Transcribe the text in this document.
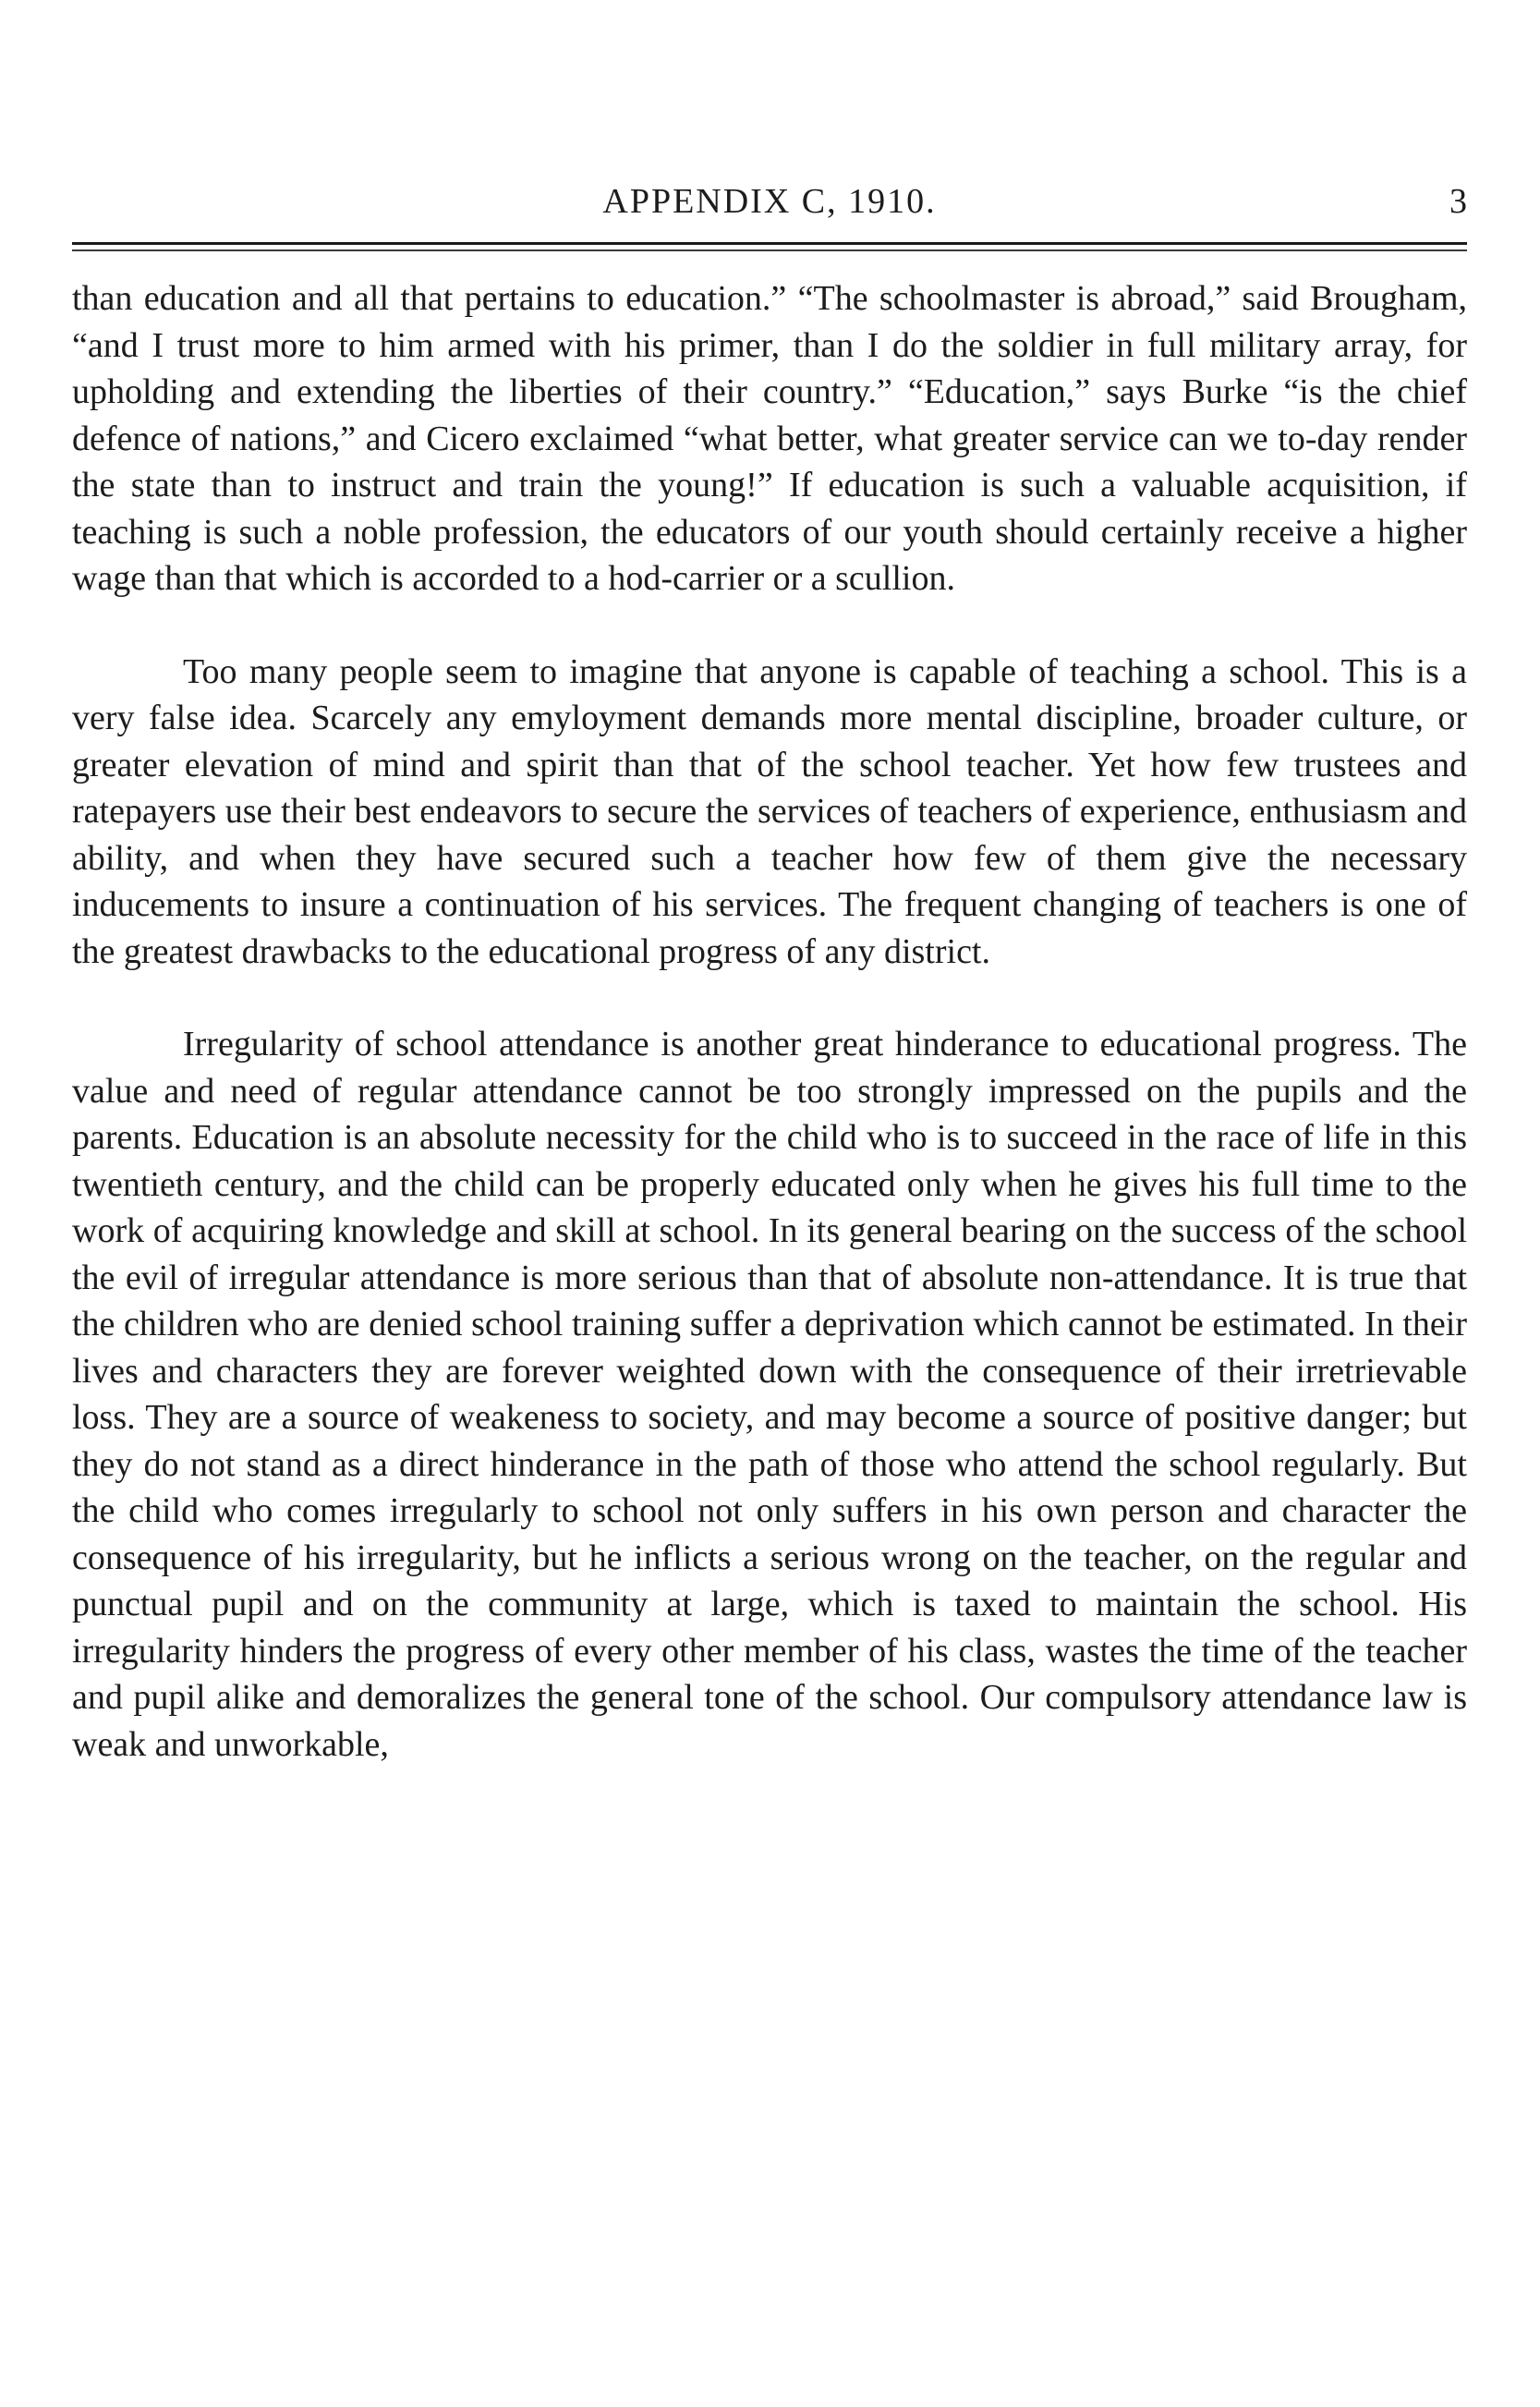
APPENDIX C, 1910.	3

than education and all that pertains to education.” “The schoolmaster is abroad,” said Brougham, “and I trust more to him armed with his primer, than I do the soldier in full military array, for upholding and extending the liberties of their country.” “Education,” says Burke “is the chief defence of nations,” and Cicero exclaimed “what better, what greater service can we to-day render the state than to instruct and train the young!” If education is such a valuable acquisition, if teaching is such a noble profession, the educators of our youth should certainly receive a higher wage than that which is accorded to a hod-carrier or a scullion.

Too many people seem to imagine that anyone is capable of teaching a school. This is a very false idea. Scarcely any emyloyment demands more mental discipline, broader culture, or greater elevation of mind and spirit than that of the school teacher. Yet how few trustees and ratepayers use their best endeavors to secure the services of teachers of experience, enthusiasm and ability, and when they have secured such a teacher how few of them give the necessary inducements to insure a continuation of his services. The frequent changing of teachers is one of the greatest drawbacks to the educational progress of any district.

Irregularity of school attendance is another great hinderance to educational progress. The value and need of regular attendance cannot be too strongly impressed on the pupils and the parents. Education is an absolute necessity for the child who is to succeed in the race of life in this twentieth century, and the child can be properly educated only when he gives his full time to the work of acquiring knowledge and skill at school. In its general bearing on the success of the school the evil of irregular attendance is more serious than that of absolute non-attendance. It is true that the children who are denied school training suffer a deprivation which cannot be estimated. In their lives and characters they are forever weighted down with the consequence of their irretrievable loss. They are a source of weakeness to society, and may become a source of positive danger; but they do not stand as a direct hinderance in the path of those who attend the school regularly. But the child who comes irregularly to school not only suffers in his own person and character the consequence of his irregularity, but he inflicts a serious wrong on the teacher, on the regular and punctual pupil and on the community at large, which is taxed to maintain the school. His irregularity hinders the progress of every other member of his class, wastes the time of the teacher and pupil alike and demoralizes the general tone of the school. Our compulsory attendance law is weak and unworkable,
